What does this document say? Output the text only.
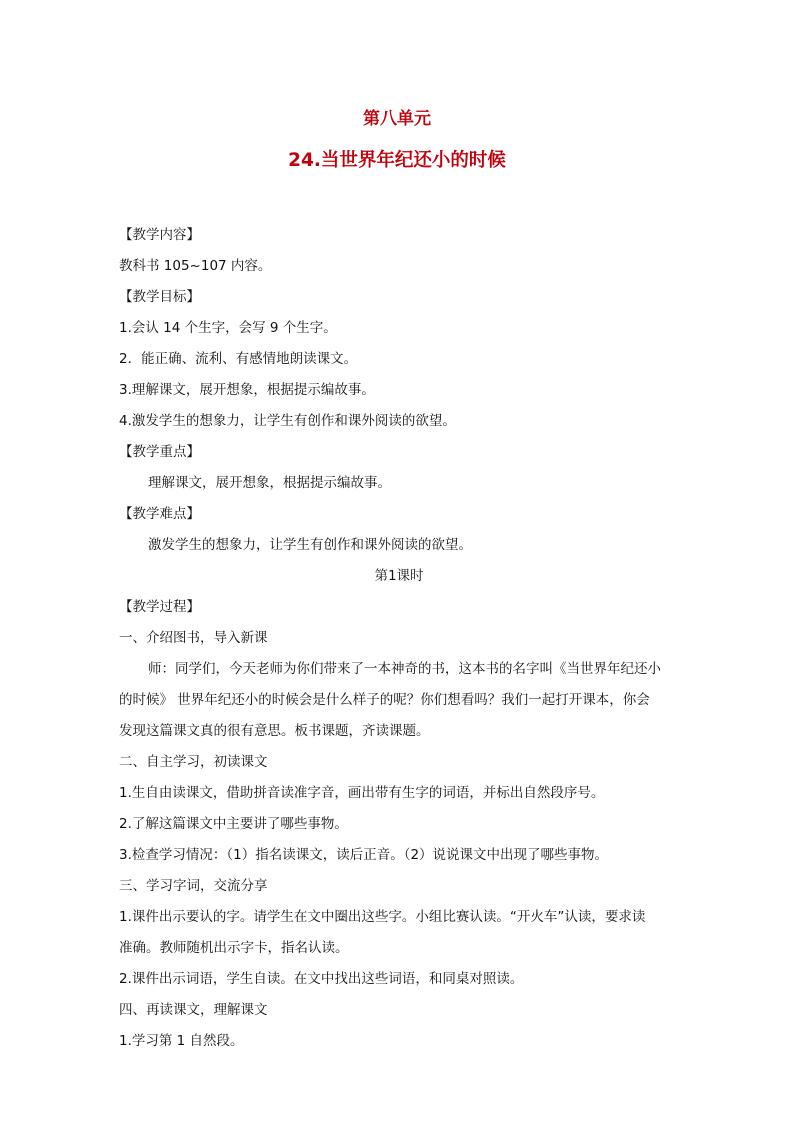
第八单元
24.当世界年纪还小的时候

【教学内容】

教科书 105~107 内容。

【教学目标】

1.会认 14 个生字，会写 9 个生字。

2．能正确、流利、有感情地朗读课文。

3.理解课文，展开想象，根据提示编故事。

4.激发学生的想象力，让学生有创作和课外阅读的欲望。

【教学重点】

理解课文，展开想象，根据提示编故事。

【教学难点】

激发学生的想象力，让学生有创作和课外阅读的欲望。

第1课时

【教学过程】

一、介绍图书，导入新课

师：同学们，今天老师为你们带来了一本神奇的书，这本书的名字叫《当世界年纪还小

的时候》 世界年纪还小的时候会是什么样子的呢？你们想看吗？我们一起打开课本，你会

发现这篇课文真的很有意思。板书课题，齐读课题。

二、自主学习，初读课文

1.生自由读课文，借助拼音读准字音，画出带有生字的词语，并标出自然段序号。

2.了解这篇课文中主要讲了哪些事物。

3.检查学习情况：（1）指名读课文，读后正音。（2）说说课文中出现了哪些事物。

三、学习字词，交流分享

1.课件出示要认的字。请学生在文中圈出这些字。小组比赛认读。“开火车”认读，要求读

准确。教师随机出示字卡，指名认读。

2.课件出示词语，学生自读。在文中找出这些词语，和同桌对照读。

四、再读课文，理解课文

1.学习第 1 自然段。
